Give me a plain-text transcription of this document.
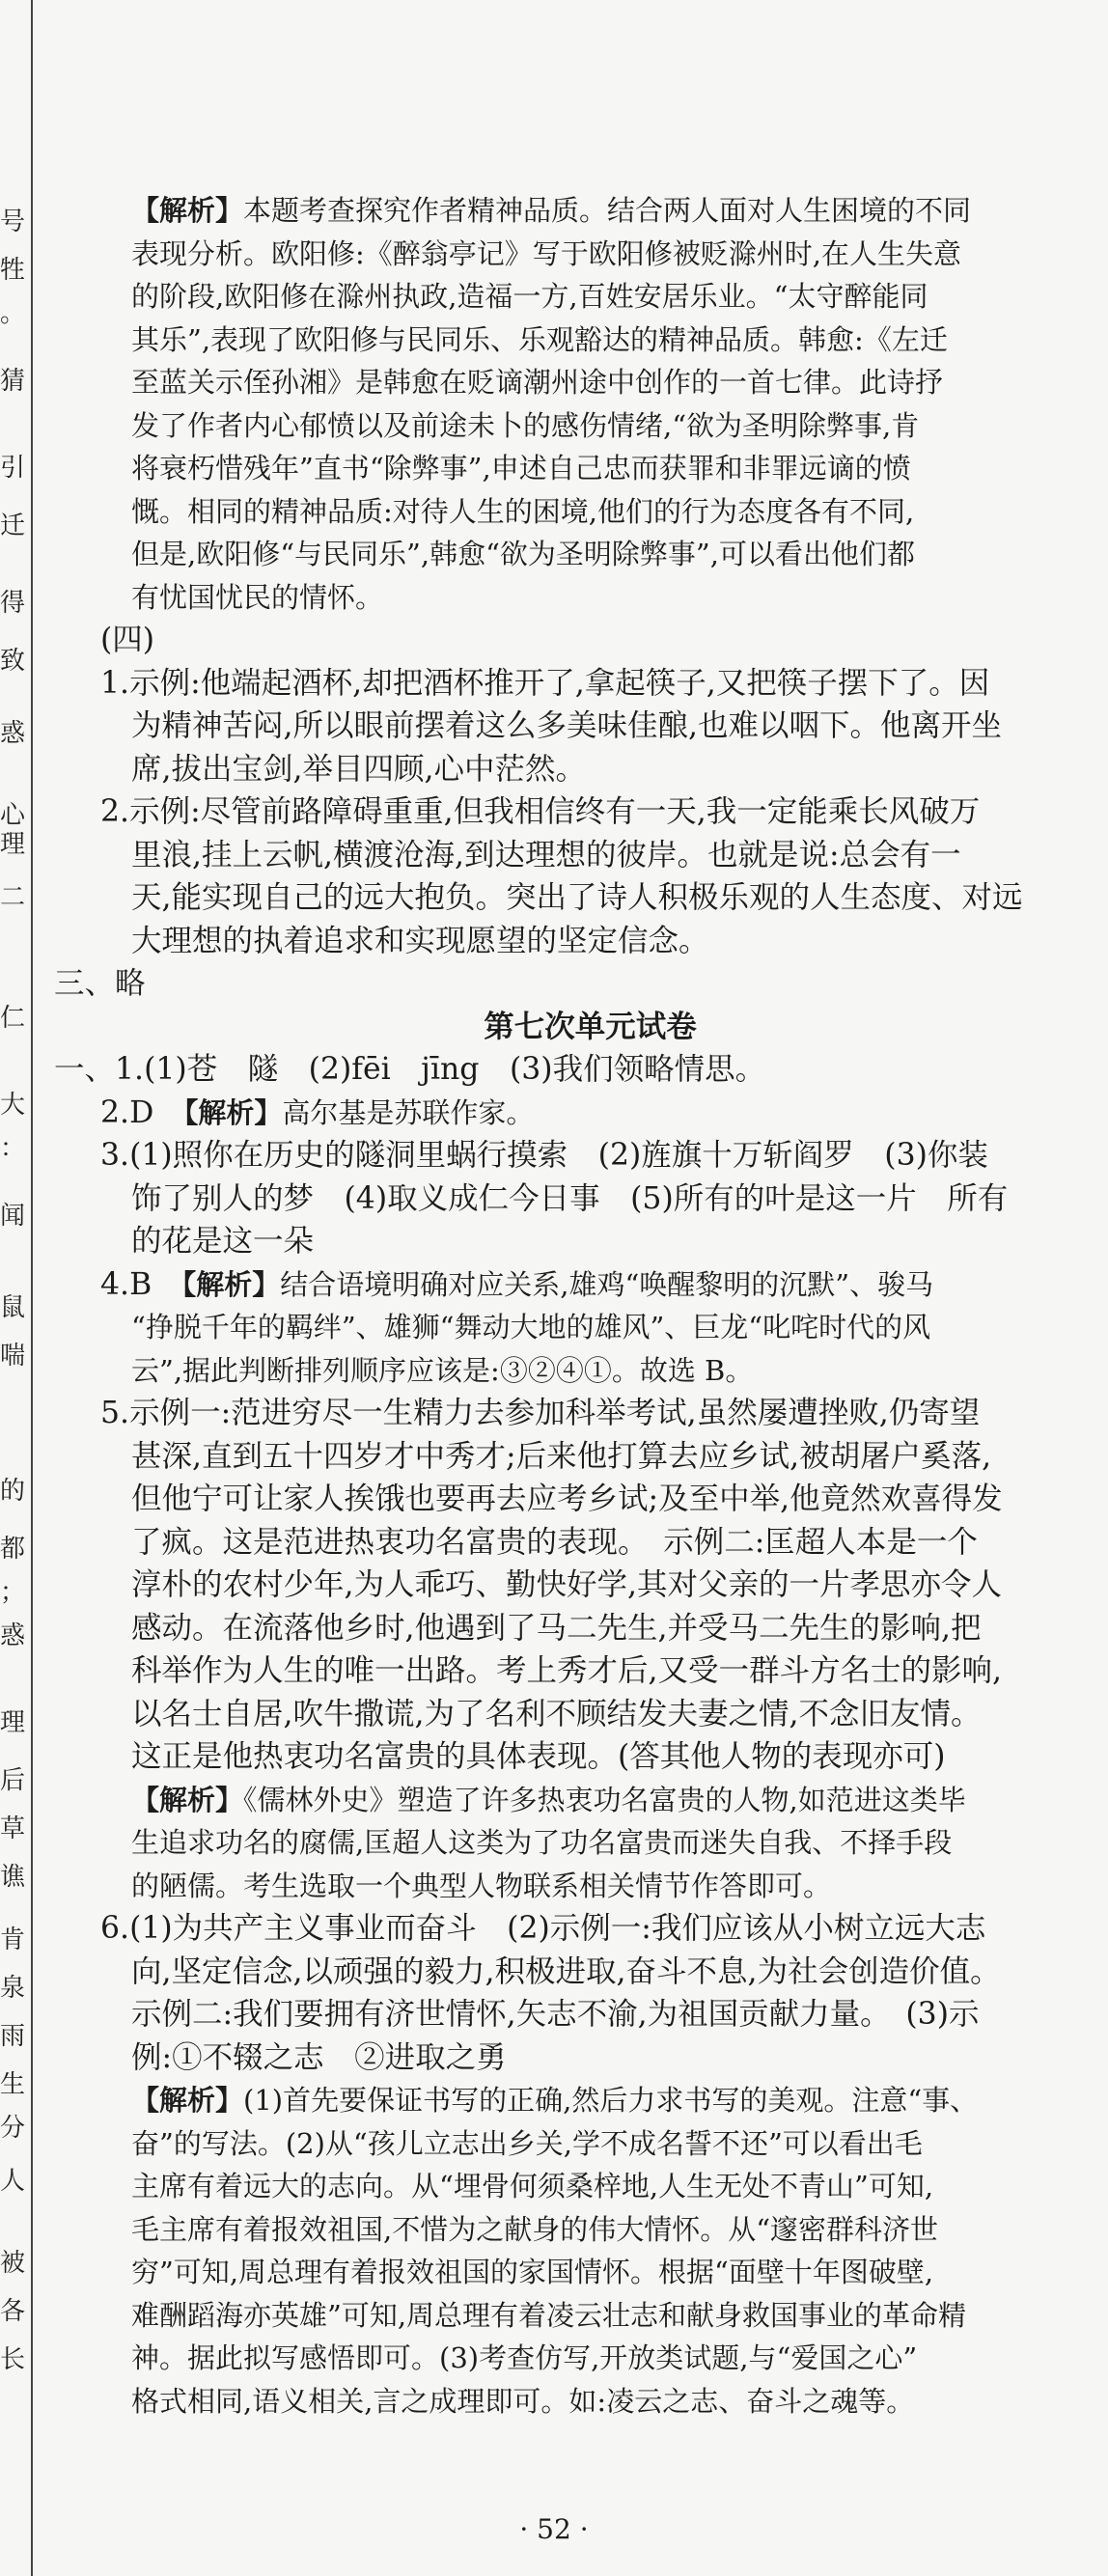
号
牲
。
猜
引
迁
得
致
惑
心
理
二
仁
大
：
闻
鼠
喘
的
都
；
惑
理
后
草
谯
肯
泉
雨
生
分
人
被
各
长

【解析】本题考查探究作者精神品质。结合两人面对人生困境的不同

表现分析。欧阳修:《醉翁亭记》写于欧阳修被贬滁州时,在人生失意
的阶段,欧阳修在滁州执政,造福一方,百姓安居乐业。“太守醉能同
其乐”,表现了欧阳修与民同乐、乐观豁达的精神品质。韩愈:《左迁
至蓝关示侄孙湘》是韩愈在贬谪潮州途中创作的一首七律。此诗抒
发了作者内心郁愤以及前途未卜的感伤情绪,“欲为圣明除弊事,肯
将衰朽惜残年”直书“除弊事”,申述自己忠而获罪和非罪远谪的愤
慨。相同的精神品质:对待人生的困境,他们的行为态度各有不同,
但是,欧阳修“与民同乐”,韩愈“欲为圣明除弊事”,可以看出他们都
有忧国忧民的情怀。

(四)

1.示例:他端起酒杯,却把酒杯推开了,拿起筷子,又把筷子摆下了。因
为精神苦闷,所以眼前摆着这么多美味佳酿,也难以咽下。他离开坐
席,拔出宝剑,举目四顾,心中茫然。
2.示例:尽管前路障碍重重,但我相信终有一天,我一定能乘长风破万
里浪,挂上云帆,横渡沧海,到达理想的彼岸。也就是说:总会有一
天,能实现自己的远大抱负。突出了诗人积极乐观的人生态度、对远
大理想的执着追求和实现愿望的坚定信念。

三、略

第七次单元试卷

一、1.(1)苍　隧　(2)fēi　jīng　(3)我们领略情思。

2.D　 【解析】高尔基是苏联作家。

3.(1)照你在历史的隧洞里蜗行摸索　(2)旌旗十万斩阎罗　(3)你装
饰了别人的梦　(4)取义成仁今日事　(5)所有的叶是这一片　所有
的花是这一朵
4.B　 【解析】结合语境明确对应关系,雄鸡“唤醒黎明的沉默”、骏马
“挣脱千年的羁绊”、雄狮“舞动大地的雄风”、巨龙“叱咤时代的风
云”,据此判断排列顺序应该是:③②④①。故选 B。
5.示例一:范进穷尽一生精力去参加科举考试,虽然屡遭挫败,仍寄望
甚深,直到五十四岁才中秀才;后来他打算去应乡试,被胡屠户奚落,
但他宁可让家人挨饿也要再去应考乡试;及至中举,他竟然欢喜得发
了疯。这是范进热衷功名富贵的表现。　示例二:匡超人本是一个
淳朴的农村少年,为人乖巧、勤快好学,其对父亲的一片孝思亦令人
感动。在流落他乡时,他遇到了马二先生,并受马二先生的影响,把
科举作为人生的唯一出路。考上秀才后,又受一群斗方名士的影响,
以名士自居,吹牛撒谎,为了名利不顾结发夫妻之情,不念旧友情。
这正是他热衷功名富贵的具体表现。(答其他人物的表现亦可)

【解析】《儒林外史》塑造了许多热衷功名富贵的人物,如范进这类毕

生追求功名的腐儒,匡超人这类为了功名富贵而迷失自我、不择手段
的陋儒。考生选取一个典型人物联系相关情节作答即可。
6.(1)为共产主义事业而奋斗　(2)示例一:我们应该从小树立远大志
向,坚定信念,以顽强的毅力,积极进取,奋斗不息,为社会创造价值。
示例二:我们要拥有济世情怀,矢志不渝,为祖国贡献力量。　(3)示
例:①不辍之志　②进取之勇

【解析】(1)首先要保证书写的正确,然后力求书写的美观。注意“事、

奋”的写法。(2)从“孩儿立志出乡关,学不成名誓不还”可以看出毛
主席有着远大的志向。从“埋骨何须桑梓地,人生无处不青山”可知,
毛主席有着报效祖国,不惜为之献身的伟大情怀。从“邃密群科济世
穷”可知,周总理有着报效祖国的家国情怀。根据“面壁十年图破壁,
难酬蹈海亦英雄”可知,周总理有着凌云壮志和献身救国事业的革命精
神。据此拟写感悟即可。(3)考查仿写,开放类试题,与“爱国之心”
格式相同,语义相关,言之成理即可。如:凌云之志、奋斗之魂等。
· 52 ·
